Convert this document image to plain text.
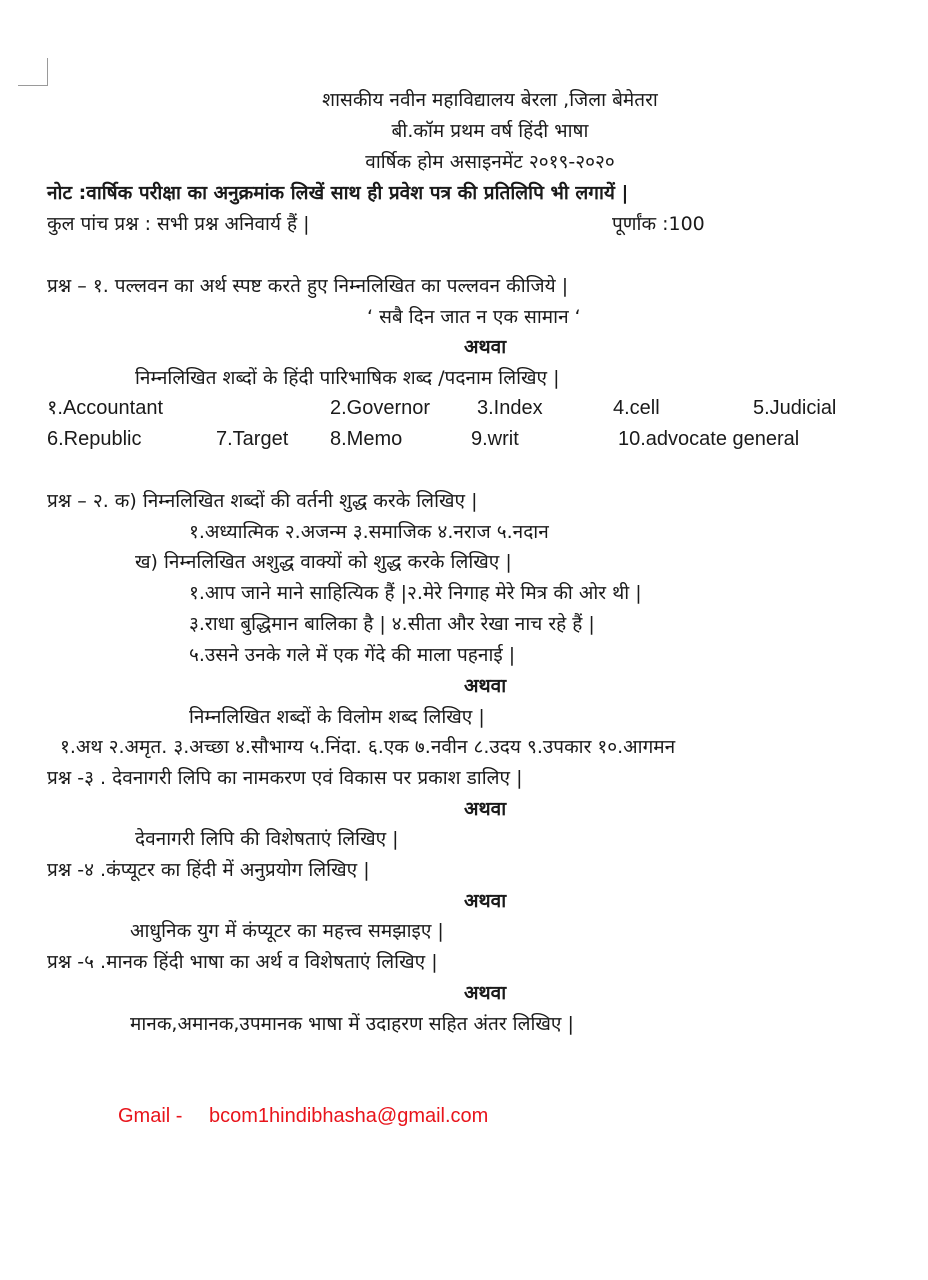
शासकीय नवीन महाविद्यालय बेरला ,जिला बेमेतरा
बी.कॉम प्रथम वर्ष हिंदी भाषा
वार्षिक होम असाइनमेंट २०१९-२०२०
नोट :वार्षिक परीक्षा का अनुक्रमांक लिखें साथ ही प्रवेश पत्र की प्रतिलिपि भी लगायें |
कुल पांच प्रश्न : सभी प्रश्न अनिवार्य हैं |	पूर्णांक :100
प्रश्न – १. पल्लवन का अर्थ स्पष्ट करते हुए निम्नलिखित का पल्लवन कीजिये |
‘ सबै दिन जात न एक सामान ‘
अथवा
निम्नलिखित शब्दों के हिंदी पारिभाषिक शब्द /पदनाम लिखिए |
१.Accountant	2.Governor 3.Index	4.cell	5.Judicial
6.Republic	7.Target 8.Memo	9.writ	10.advocate general
प्रश्न – २. क) निम्नलिखित शब्दों की वर्तनी शुद्ध करके लिखिए |
१.अध्यात्मिक २.अजन्म ३.समाजिक ४.नराज ५.नदान
ख) निम्नलिखित अशुद्ध वाक्यों को शुद्ध करके लिखिए |
१.आप जाने माने साहित्यिक हैं |२.मेरे निगाह मेरे मित्र की ओर थी |
३.राधा बुद्धिमान बालिका है | ४.सीता और रेखा नाच रहे हैं |
५.उसने उनके गले में एक गेंदे की माला पहनाई |
अथवा
निम्नलिखित शब्दों के विलोम शब्द लिखिए |
१.अथ २.अमृत. ३.अच्छा ४.सौभाग्य ५.निंदा. ६.एक ७.नवीन ८.उदय ९.उपकार १०.आगमन
प्रश्न -३ . देवनागरी लिपि का नामकरण एवं विकास पर प्रकाश डालिए |
अथवा
देवनागरी लिपि की विशेषताएं लिखिए |
प्रश्न -४ .कंप्यूटर का हिंदी में अनुप्रयोग लिखिए |
अथवा
आधुनिक युग में कंप्यूटर का महत्त्व समझाइए |
प्रश्न -५ .मानक हिंदी भाषा का अर्थ व विशेषताएं लिखिए |
अथवा
मानक,अमानक,उपमानक भाषा में उदाहरण सहित अंतर लिखिए |
Gmail - bcom1hindibhasha@gmail.com
